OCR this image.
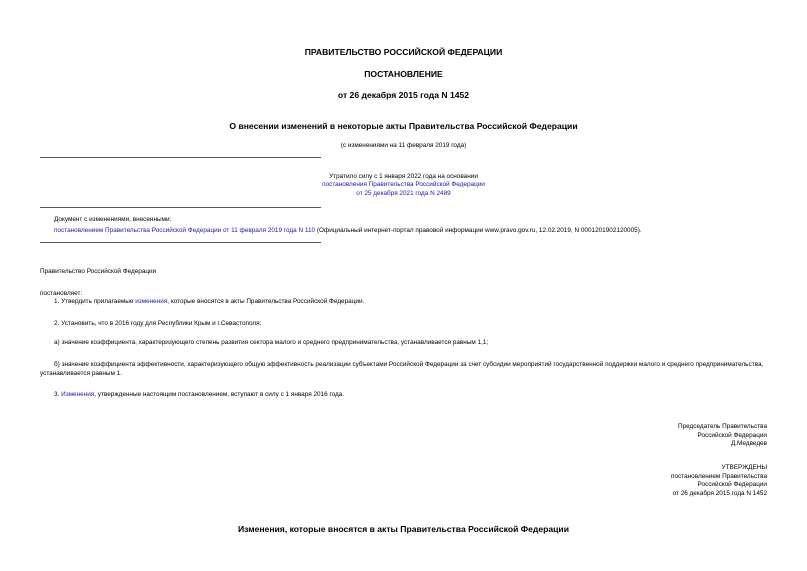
ПРАВИТЕЛЬСТВО РОССИЙСКОЙ ФЕДЕРАЦИИ
ПОСТАНОВЛЕНИЕ
от 26 декабря 2015 года N 1452
О внесении изменений в некоторые акты Правительства Российской Федерации
(с изменениями на 11 февраля 2019 года)
Утратило силу с 1 января 2022 года на основании
постановления Правительства Российской Федерации
от 25 декабря 2021 года N 2489
Документ с изменениями, внесенными:
постановлением Правительства Российской Федерации от 11 февраля 2019 года N 110 (Официальный интернет-портал правовой информации www.pravo.gov.ru, 12.02.2019, N 0001201902120005).
Правительство Российской Федерации
постановляет:
1. Утвердить прилагаемые изменения, которые вносятся в акты Правительства Российской Федерации.
2. Установить, что в 2016 году для Республики Крым и г.Севастополя:
а) значение коэффициента, характеризующего степень развития сектора малого и среднего предпринимательства, устанавливается равным 1,1;
б) значение коэффициента эффективности, характеризующего общую эффективность реализации субъектами Российской Федерации за счет субсидии мероприятий государственной поддержки малого и среднего предпринимательства, устанавливается равным 1.
3. Изменения, утвержденные настоящим постановлением, вступают в силу с 1 января 2016 года.
Председатель Правительства
Российской Федерации
Д.Медведев
УТВЕРЖДЕНЫ
постановлением Правительства
Российской Федерации
от 26 декабря 2015 года N 1452
Изменения, которые вносятся в акты Правительства Российской Федерации
